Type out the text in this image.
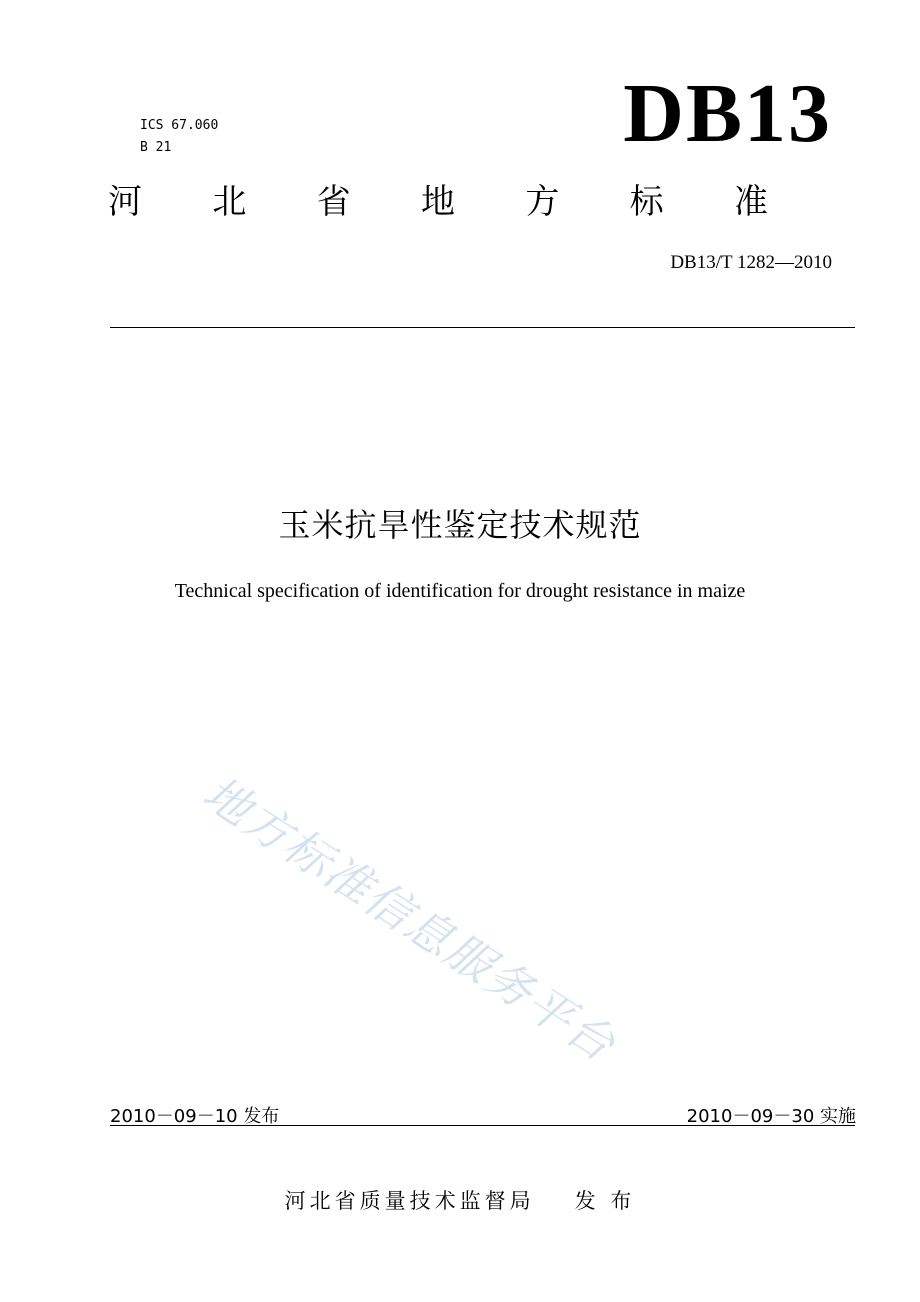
ICS 67.060
B 21	DB13
河 北 省 地 方 标 准
DB13/T 1282—2010
玉米抗旱性鉴定技术规范
Technical specification of identification for drought resistance in maize
地方标准信息服务平台
2010－09－10 发布	2010－09－30 实施
河北省质量技术监督局 发 布
